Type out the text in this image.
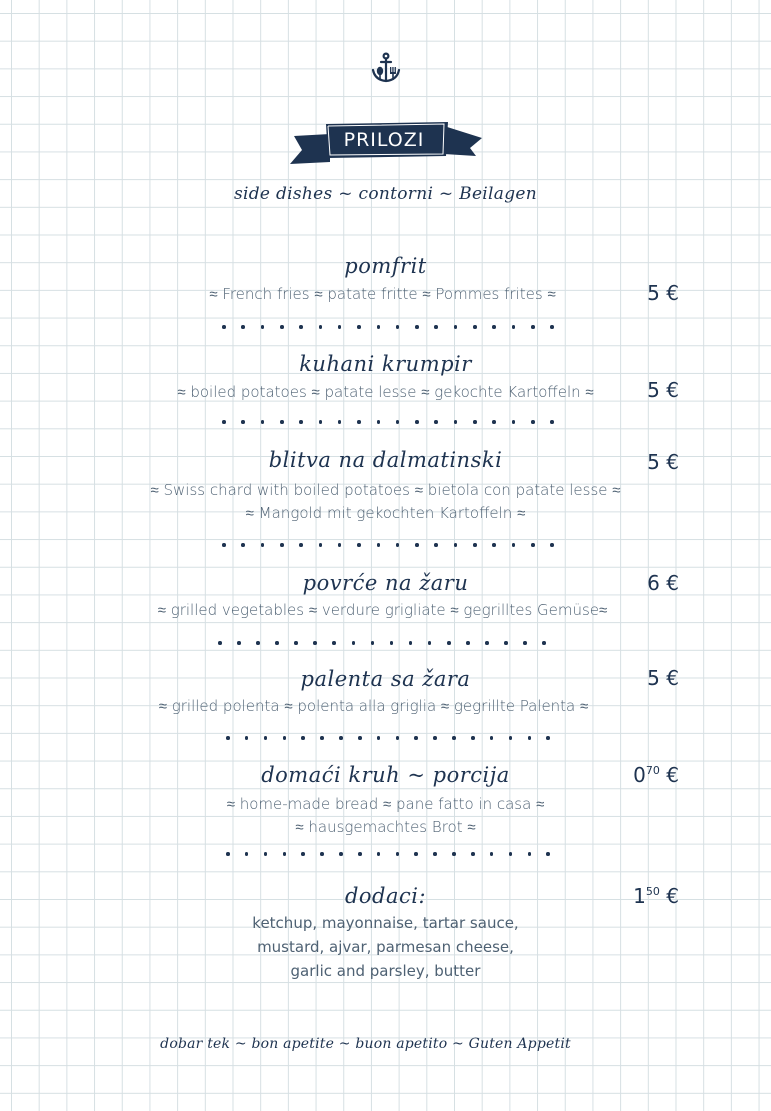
PRILOZI
side dishes ~ contorni ~ Beilagen
pomfrit
≈ French fries ≈ patate fritte ≈ Pommes frites ≈	5 €
kuhani krumpir
≈ boiled potatoes ≈ patate lesse ≈ gekochte Kartoffeln ≈	5 €
blitva na dalmatinski
≈ Swiss chard with boiled potatoes ≈ bietola con patate lesse ≈
≈ Mangold mit gekochten Kartoffeln ≈
5 €
povrće na žaru
≈ grilled vegetables ≈ verdure grigliate ≈ gegrilltes Gemüse≈
6 €
palenta sa žara
≈ grilled polenta ≈ polenta alla griglia ≈ gegrillte Palenta ≈
5 €
domaći kruh ~ porcija
≈ home-made bread ≈ pane fatto in casa ≈
≈ hausgemachtes Brot ≈
$0^{70}$ €
dodaci:
ketchup, mayonnaise, tartar sauce,
mustard, ajvar, parmesan cheese,
garlic and parsley, butter
$1^{50}$ €
dobar tek ~ bon apetite ~ buon apetito ~ Guten Appetit
